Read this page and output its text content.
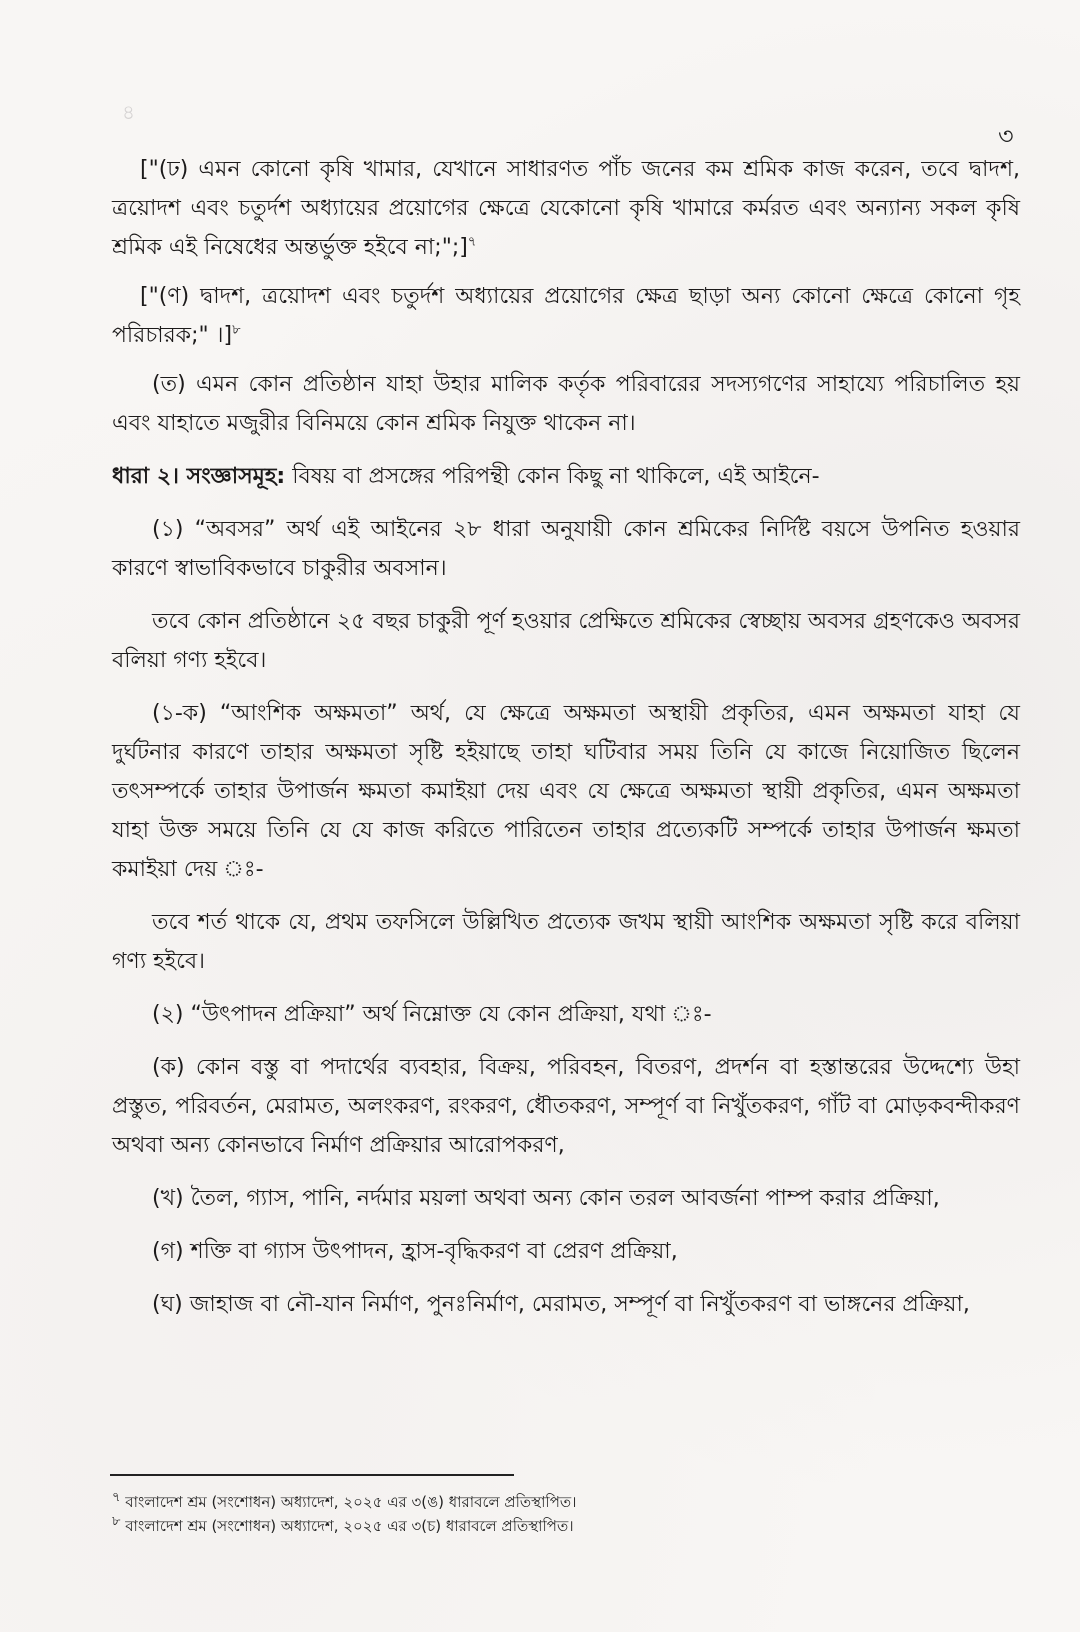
৪
৩

["(ঢ) এমন কোনো কৃষি খামার, যেখানে সাধারণত পাঁচ জনের কম শ্রমিক কাজ করেন, তবে দ্বাদশ, ত্রয়োদশ এবং চতুর্দশ অধ্যায়ের প্রয়োগের ক্ষেত্রে যেকোনো কৃষি খামারে কর্মরত এবং অন্যান্য সকল কৃষি শ্রমিক এই নিষেধের অন্তর্ভুক্ত হইবে না;";]$^৭$

["(ণ) দ্বাদশ, ত্রয়োদশ এবং চতুর্দশ অধ্যায়ের প্রয়োগের ক্ষেত্র ছাড়া অন্য কোনো ক্ষেত্রে কোনো গৃহ পরিচারক;" ।]$^৮$

(ত) এমন কোন প্রতিষ্ঠান যাহা উহার মালিক কর্তৃক পরিবারের সদস্যগণের সাহায্যে পরিচালিত হয় এবং যাহাতে মজুরীর বিনিময়ে কোন শ্রমিক নিযুক্ত থাকেন না।

ধারা ২। সংজ্ঞাসমূহ: বিষয় বা প্রসঙ্গের পরিপন্থী কোন কিছু না থাকিলে, এই আইনে-

(১) “অবসর” অর্থ এই আইনের ২৮ ধারা অনুযায়ী কোন শ্রমিকের নির্দিষ্ট বয়সে উপনিত হওয়ার কারণে স্বাভাবিকভাবে চাকুরীর অবসান।

তবে কোন প্রতিষ্ঠানে ২৫ বছর চাকুরী পূর্ণ হওয়ার প্রেক্ষিতে শ্রমিকের স্বেচ্ছায় অবসর গ্রহণকেও অবসর বলিয়া গণ্য হইবে।

(১-ক) “আংশিক অক্ষমতা” অর্থ, যে ক্ষেত্রে অক্ষমতা অস্থায়ী প্রকৃতির, এমন অক্ষমতা যাহা যে দুর্ঘটনার কারণে তাহার অক্ষমতা সৃষ্টি হইয়াছে তাহা ঘটিবার সময় তিনি যে কাজে নিয়োজিত ছিলেন তৎসম্পর্কে তাহার উপার্জন ক্ষমতা কমাইয়া দেয় এবং যে ক্ষেত্রে অক্ষমতা স্থায়ী প্রকৃতির, এমন অক্ষমতা যাহা উক্ত সময়ে তিনি যে যে কাজ করিতে পারিতেন তাহার প্রত্যেকটি সম্পর্কে তাহার উপার্জন ক্ষমতা কমাইয়া দেয় ঃ-

তবে শর্ত থাকে যে, প্রথম তফসিলে উল্লিখিত প্রত্যেক জখম স্থায়ী আংশিক অক্ষমতা সৃষ্টি করে বলিয়া গণ্য হইবে।

(২) “উৎপাদন প্রক্রিয়া” অর্থ নিম্নোক্ত যে কোন প্রক্রিয়া, যথা ঃ-

(ক) কোন বস্তু বা পদার্থের ব্যবহার, বিক্রয়, পরিবহন, বিতরণ, প্রদর্শন বা হস্তান্তরের উদ্দেশ্যে উহা প্রস্তুত, পরিবর্তন, মেরামত, অলংকরণ, রংকরণ, ধৌতকরণ, সম্পূর্ণ বা নিখুঁতকরণ, গাঁট বা মোড়কবন্দীকরণ অথবা অন্য কোনভাবে নির্মাণ প্রক্রিয়ার আরোপকরণ,

(খ) তৈল, গ্যাস, পানি, নর্দমার ময়লা অথবা অন্য কোন তরল আবর্জনা পাম্প করার প্রক্রিয়া,

(গ) শক্তি বা গ্যাস উৎপাদন, হ্রাস-বৃদ্ধিকরণ বা প্রেরণ প্রক্রিয়া,

(ঘ) জাহাজ বা নৌ-যান নির্মাণ, পুনঃনির্মাণ, মেরামত, সম্পূর্ণ বা নিখুঁতকরণ বা ভাঙ্গনের প্রক্রিয়া,

$^৭$ বাংলাদেশ শ্রম (সংশোধন) অধ্যাদেশ, ২০২৫ এর ৩(ঙ) ধারাবলে প্রতিস্থাপিত।

$^৮$ বাংলাদেশ শ্রম (সংশোধন) অধ্যাদেশ, ২০২৫ এর ৩(চ) ধারাবলে প্রতিস্থাপিত।
